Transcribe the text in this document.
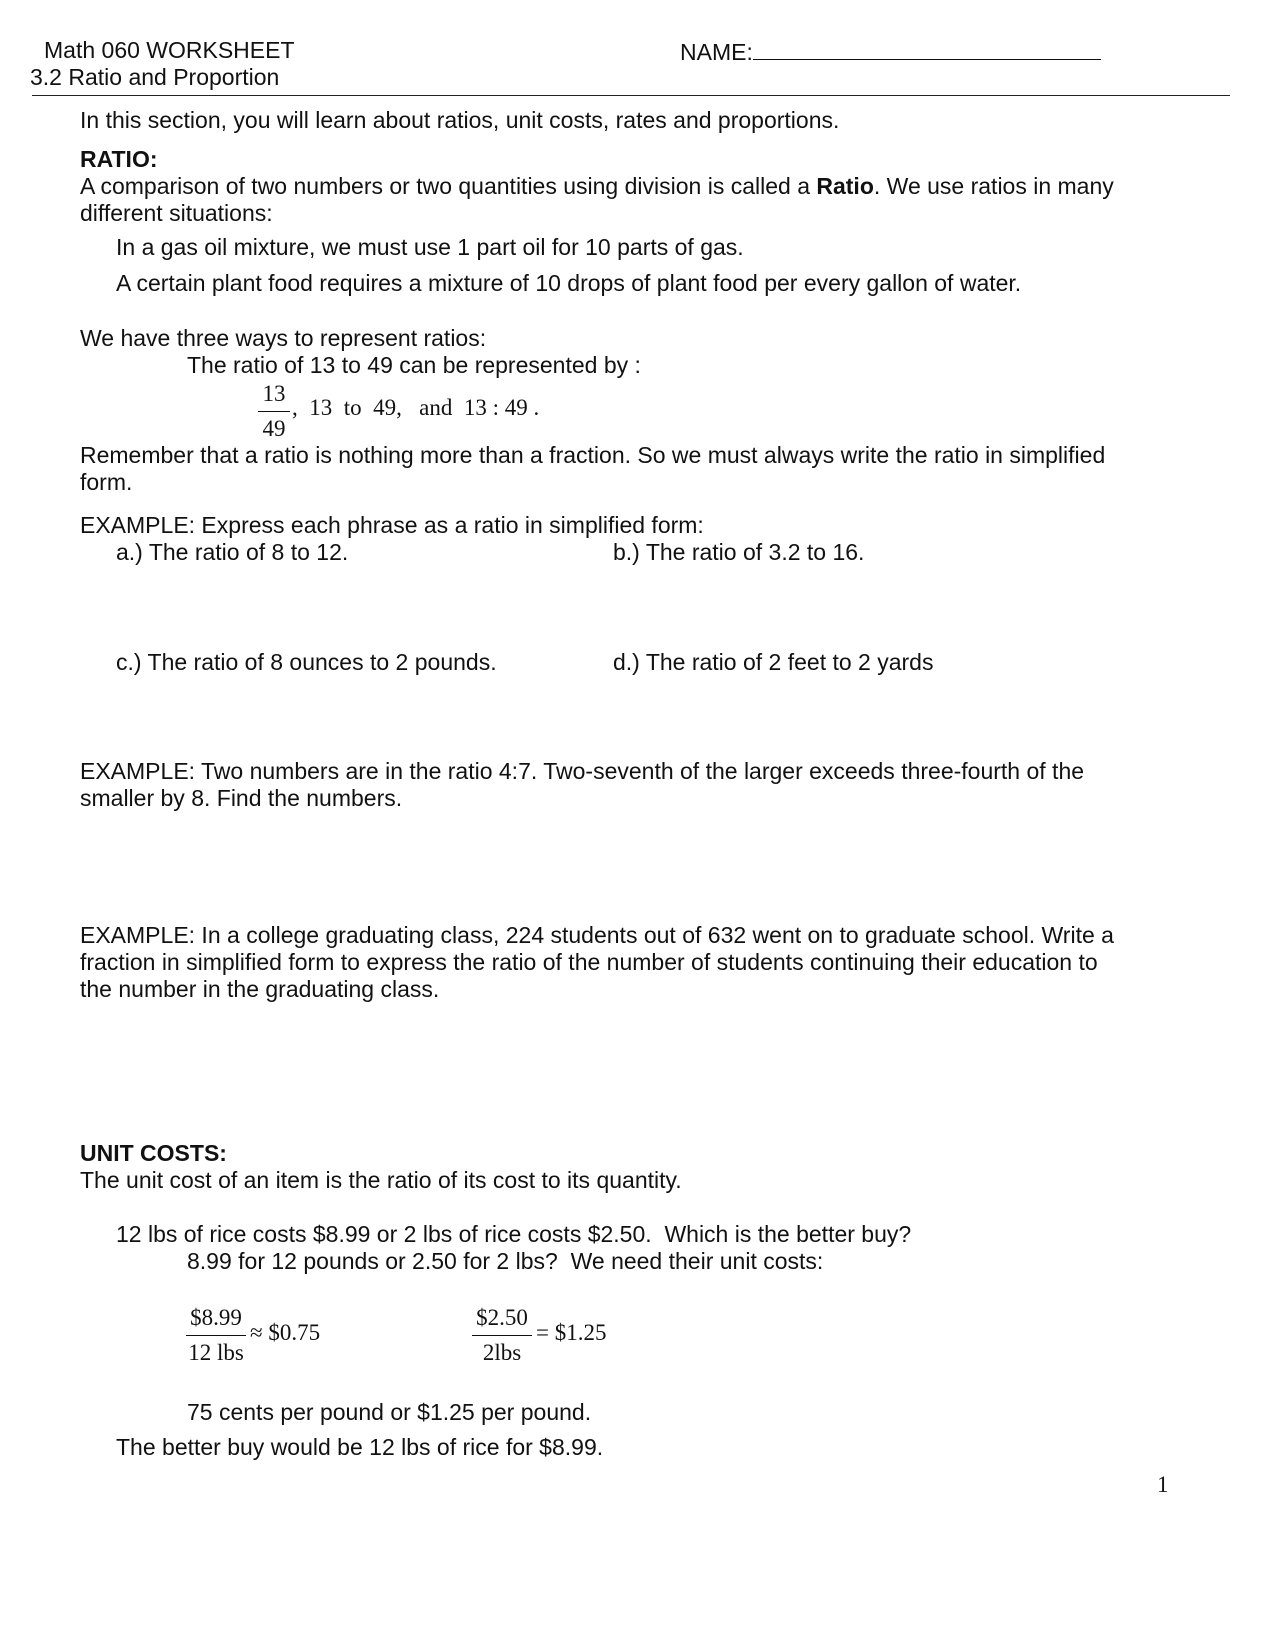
Math 060 WORKSHEET	NAME:
3.2 Ratio and Proportion
In this section, you will learn about ratios, unit costs, rates and proportions.
RATIO:
A comparison of two numbers or two quantities using division is called a Ratio. We use ratios in many
different situations:
In a gas oil mixture, we must use 1 part oil for 10 parts of gas.
A certain plant food requires a mixture of 10 drops of plant food per every gallon of water.
We have three ways to represent ratios:
The ratio of 13 to 49 can be represented by :
13
49
,  13  to  49,   and  13 : 49 .
Remember that a ratio is nothing more than a fraction. So we must always write the ratio in simplified
form.
EXAMPLE: Express each phrase as a ratio in simplified form:
a.) The ratio of 8 to 12.	b.) The ratio of 3.2 to 16.
c.) The ratio of 8 ounces to 2 pounds.	d.) The ratio of 2 feet to 2 yards
EXAMPLE: Two numbers are in the ratio 4:7. Two-seventh of the larger exceeds three-fourth of the
smaller by 8. Find the numbers.
EXAMPLE: In a college graduating class, 224 students out of 632 went on to graduate school. Write a
fraction in simplified form to express the ratio of the number of students continuing their education to
the number in the graduating class.
UNIT COSTS:
The unit cost of an item is the ratio of its cost to its quantity.
12 lbs of rice costs $8.99 or 2 lbs of rice costs $2.50.  Which is the better buy?
8.99 for 12 pounds or 2.50 for 2 lbs?  We need their unit costs:
$8.99
12 lbs
≈ $0.75
$2.50
2lbs
= $1.25
75 cents per pound or $1.25 per pound.
The better buy would be 12 lbs of rice for $8.99.
1
